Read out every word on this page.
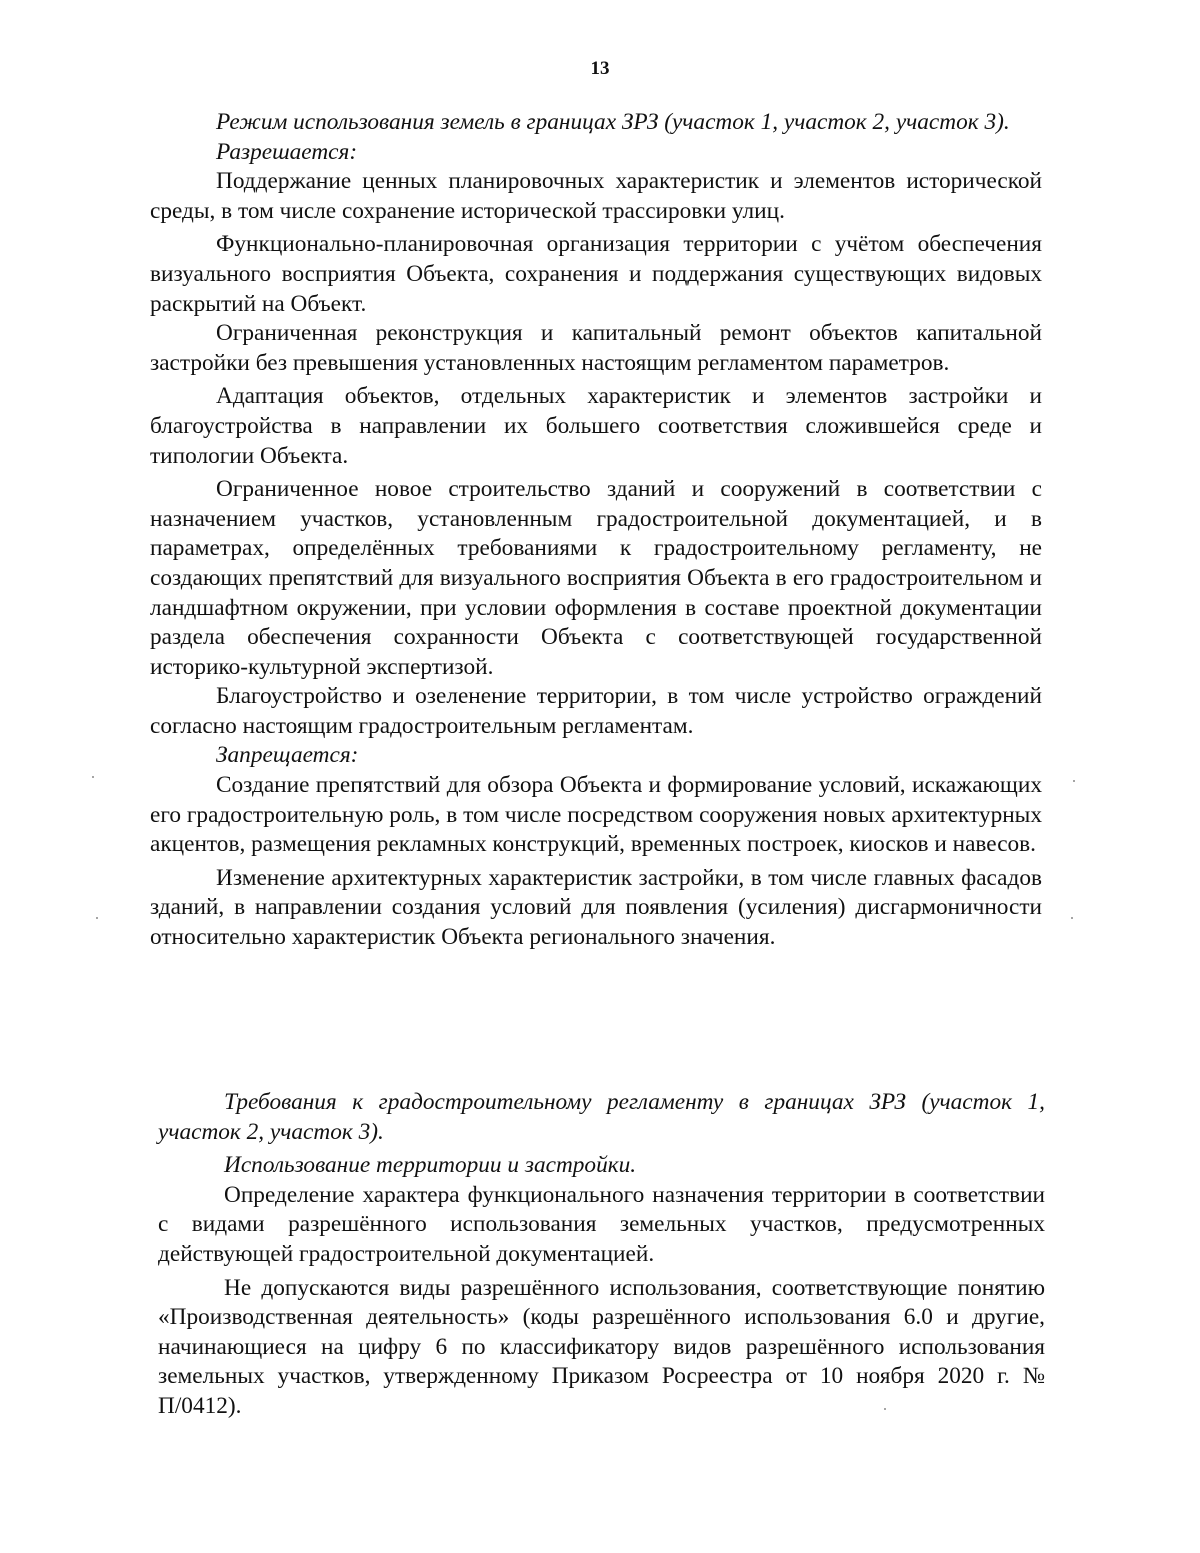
13

Режим использования земель в границах ЗРЗ (участок 1, участок 2, участок 3).

Разрешается:

Поддержание ценных планировочных характеристик и элементов исторической среды, в том числе сохранение исторической трассировки улиц.

Функционально-планировочная организация территории с учётом обеспечения визуального восприятия Объекта, сохранения и поддержания существующих видовых раскрытий на Объект.

Ограниченная реконструкция и капитальный ремонт объектов капитальной застройки без превышения установленных настоящим регламентом параметров.

Адаптация объектов, отдельных характеристик и элементов застройки и благоустройства в направлении их большего соответствия сложившейся среде и типологии Объекта.

Ограниченное новое строительство зданий и сооружений в соответствии с назначением участков, установленным градостроительной документацией, и в параметрах, определённых требованиями к градостроительному регламенту, не создающих препятствий для визуального восприятия Объекта в его градостроительном и ландшафтном окружении, при условии оформления в составе проектной документации раздела обеспечения сохранности Объекта с соответствующей государственной историко-культурной экспертизой.

Благоустройство и озеленение территории, в том числе устройство ограждений согласно настоящим градостроительным регламентам.

Запрещается:

Создание препятствий для обзора Объекта и формирование условий, искажающих его градостроительную роль, в том числе посредством сооружения новых архитектурных акцентов, размещения рекламных конструкций, временных построек, киосков и навесов.

Изменение архитектурных характеристик застройки, в том числе главных фасадов зданий, в направлении создания условий для появления (усиления) дисгармоничности относительно характеристик Объекта регионального значения.

Требования к градостроительному регламенту в границах ЗРЗ (участок 1, участок 2, участок 3).

Использование территории и застройки.

Определение характера функционального назначения территории в соответствии с видами разрешённого использования земельных участков, предусмотренных действующей градостроительной документацией.

Не допускаются виды разрешённого использования, соответствующие понятию «Производственная деятельность» (коды разрешённого использования 6.0 и другие, начинающиеся на цифру 6 по классификатору видов разрешённого использования земельных участков, утвержденному Приказом Росреестра от 10 ноября 2020 г. № П/0412).
